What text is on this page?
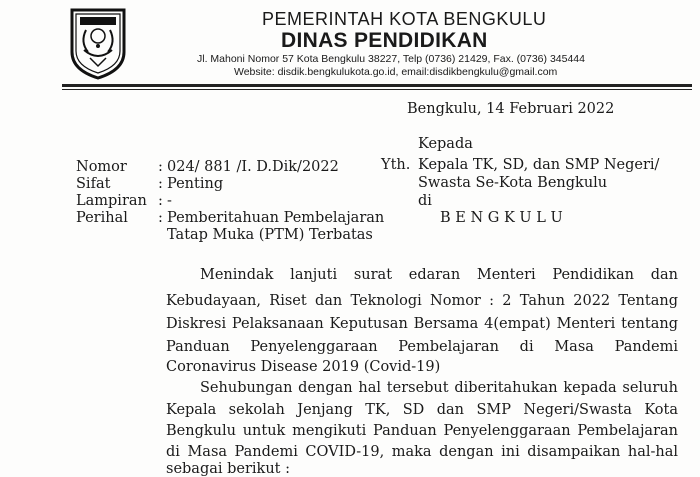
PEMERINTAH KOTA BENGKULU
DINAS PENDIDIKAN
Jl. Mahoni Nomor 57 Kota Bengkulu 38227, Telp (0736) 21429, Fax. (0736) 345444
Website: disdik.bengkulukota.go.id, email:disdikbengkulu@gmail.com
Bengkulu, 14 Februari 2022
Kepada
Yth. Kepala TK, SD, dan SMP Negeri/
Swasta Se-Kota Bengkulu
di
B E N G K U L U
Nomor : 024/ 881 /I. D.Dik/2022
Sifat	: Penting
Lampiran : -
Perihal : Pemberitahuan Pembelajaran
Tatap Muka (PTM) Terbatas
Menindak lanjuti surat edaran Menteri Pendidikan dan
Kebudayaan, Riset dan Teknologi Nomor : 2 Tahun 2022 Tentang
Diskresi Pelaksanaan Keputusan Bersama 4(empat) Menteri tentang
Panduan Penyelenggaraan Pembelajaran di Masa Pandemi
Coronavirus Disease 2019 (Covid-19)
Sehubungan dengan hal tersebut diberitahukan kepada seluruh
Kepala sekolah Jenjang TK, SD dan SMP Negeri/Swasta Kota
Bengkulu untuk mengikuti Panduan Penyelenggaraan Pembelajaran
di Masa Pandemi COVID-19, maka dengan ini disampaikan hal-hal
sebagai berikut :
